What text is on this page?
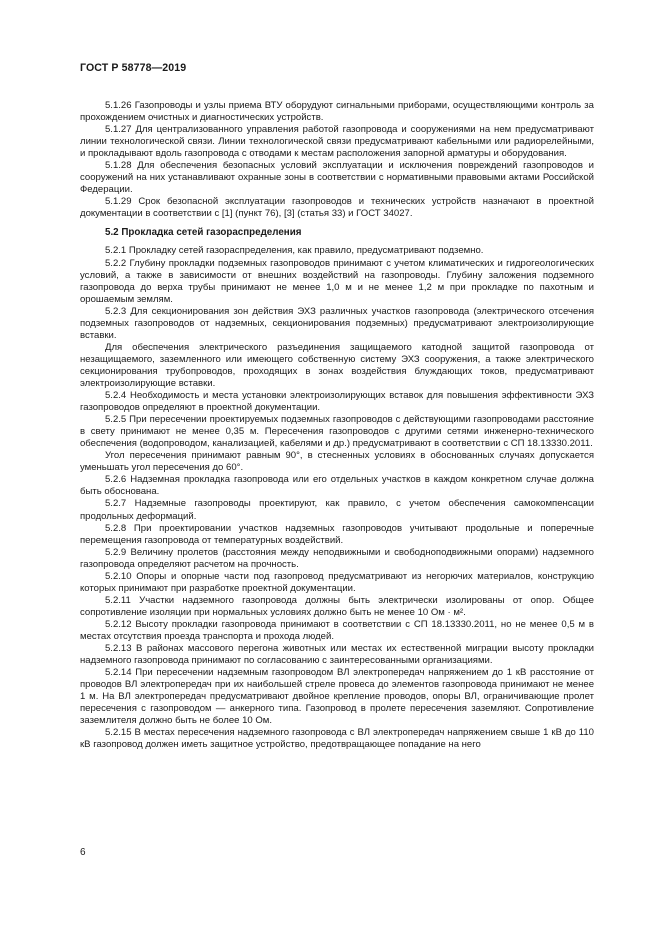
ГОСТ Р 58778—2019

5.1.26 Газопроводы и узлы приема ВТУ оборудуют сигнальными приборами, осуществляющими контроль за прохождением очистных и диагностических устройств.

5.1.27 Для централизованного управления работой газопровода и сооружениями на нем предусматривают линии технологической связи. Линии технологической связи предусматривают кабельными или радиорелейными, и прокладывают вдоль газопровода с отводами к местам расположения запорной арматуры и оборудования.

5.1.28 Для обеспечения безопасных условий эксплуатации и исключения повреждений газопроводов и сооружений на них устанавливают охранные зоны в соответствии с нормативными правовыми актами Российской Федерации.

5.1.29 Срок безопасной эксплуатации газопроводов и технических устройств назначают в проектной документации в соответствии с [1] (пункт 76), [3] (статья 33) и ГОСТ 34027.

5.2 Прокладка сетей газораспределения

5.2.1 Прокладку сетей газораспределения, как правило, предусматривают подземно.

5.2.2 Глубину прокладки подземных газопроводов принимают с учетом климатических и гидрогеологических условий, а также в зависимости от внешних воздействий на газопроводы. Глубину заложения подземного газопровода до верха трубы принимают не менее 1,0 м и не менее 1,2 м при прокладке по пахотным и орошаемым землям.

5.2.3 Для секционирования зон действия ЭХЗ различных участков газопровода (электрического отсечения подземных газопроводов от надземных, секционирования подземных) предусматривают электроизолирующие вставки.

Для обеспечения электрического разъединения защищаемого катодной защитой газопровода от незащищаемого, заземленного или имеющего собственную систему ЭХЗ сооружения, а также электрического секционирования трубопроводов, проходящих в зонах воздействия блуждающих токов, предусматривают электроизолирующие вставки.

5.2.4 Необходимость и места установки электроизолирующих вставок для повышения эффективности ЭХЗ газопроводов определяют в проектной документации.

5.2.5 При пересечении проектируемых подземных газопроводов с действующими газопроводами расстояние в свету принимают не менее 0,35 м. Пересечения газопроводов с другими сетями инженерно-технического обеспечения (водопроводом, канализацией, кабелями и др.) предусматривают в соответствии с СП 18.13330.2011.

Угол пересечения принимают равным 90°, в стесненных условиях в обоснованных случаях допускается уменьшать угол пересечения до 60°.

5.2.6 Надземная прокладка газопровода или его отдельных участков в каждом конкретном случае должна быть обоснована.

5.2.7 Надземные газопроводы проектируют, как правило, с учетом обеспечения самокомпенсации продольных деформаций.

5.2.8 При проектировании участков надземных газопроводов учитывают продольные и поперечные перемещения газопровода от температурных воздействий.

5.2.9 Величину пролетов (расстояния между неподвижными и свободноподвижными опорами) надземного газопровода определяют расчетом на прочность.

5.2.10 Опоры и опорные части под газопровод предусматривают из негорючих материалов, конструкцию которых принимают при разработке проектной документации.

5.2.11 Участки надземного газопровода должны быть электрически изолированы от опор. Общее сопротивление изоляции при нормальных условиях должно быть не менее 10 Ом · м².

5.2.12 Высоту прокладки газопровода принимают в соответствии с СП 18.13330.2011, но не менее 0,5 м в местах отсутствия проезда транспорта и прохода людей.

5.2.13 В районах массового перегона животных или местах их естественной миграции высоту прокладки надземного газопровода принимают по согласованию с заинтересованными организациями.

5.2.14 При пересечении надземным газопроводом ВЛ электропередач напряжением до 1 кВ расстояние от проводов ВЛ электропередач при их наибольшей стреле провеса до элементов газопровода принимают не менее 1 м. На ВЛ электропередач предусматривают двойное крепление проводов, опоры ВЛ, ограничивающие пролет пересечения с газопроводом — анкерного типа. Газопровод в пролете пересечения заземляют. Сопротивление заземлителя должно быть не более 10 Ом.

5.2.15 В местах пересечения надземного газопровода с ВЛ электропередач напряжением свыше 1 кВ до 110 кВ газопровод должен иметь защитное устройство, предотвращающее попадание на него

6
